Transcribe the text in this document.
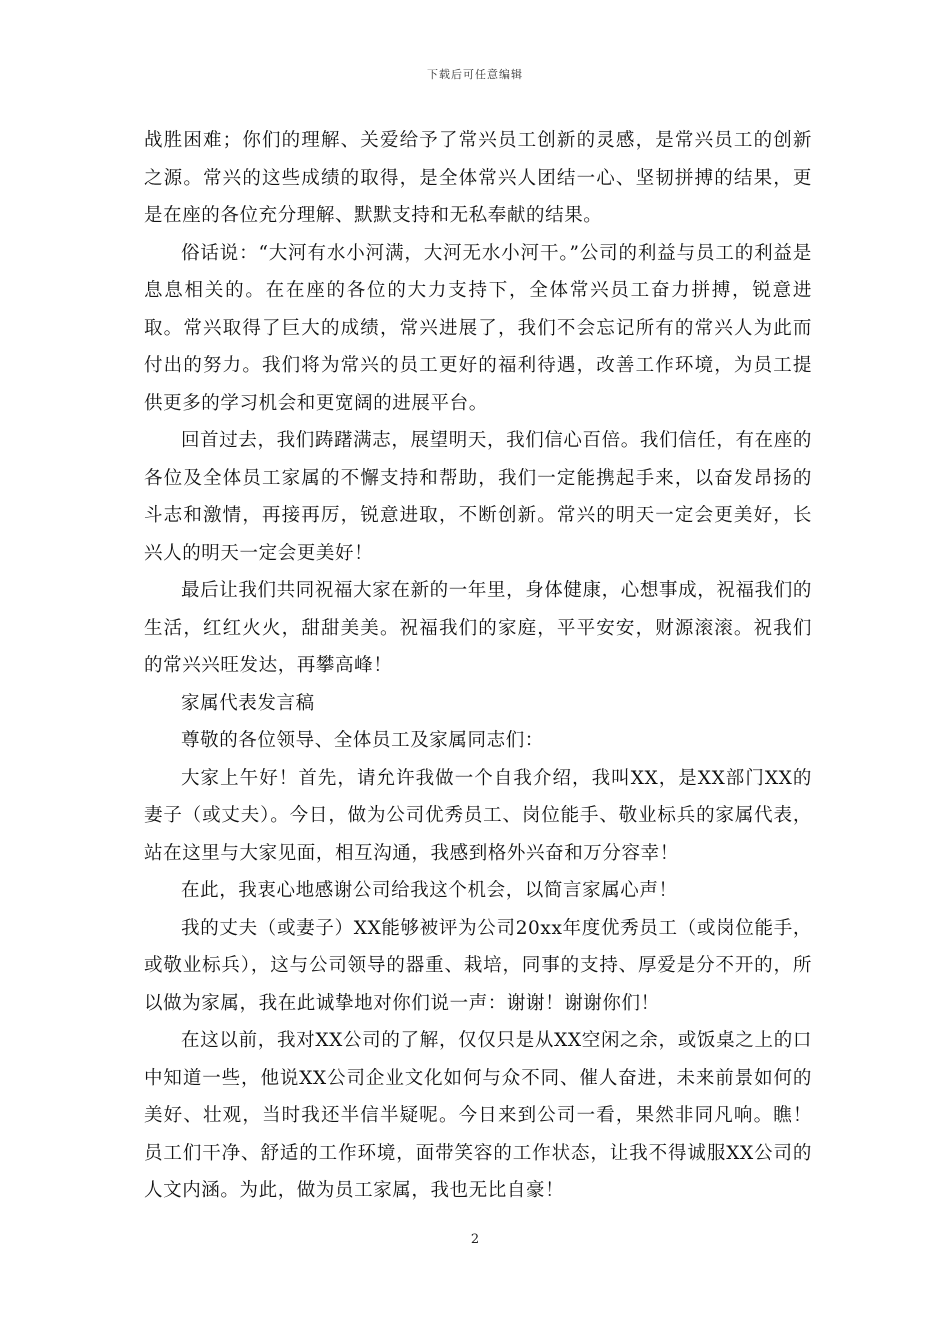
下载后可任意编辑

战胜困难；你们的理解、关爱给予了常兴员工创新的灵感，是常兴员工的创新之源。常兴的这些成绩的取得，是全体常兴人团结一心、坚韧拼搏的结果，更是在座的各位充分理解、默默支持和无私奉献的结果。

俗话说：“大河有水小河满，大河无水小河干。”公司的利益与员工的利益是息息相关的。在在座的各位的大力支持下，全体常兴员工奋力拼搏，锐意进取。常兴取得了巨大的成绩，常兴进展了，我们不会忘记所有的常兴人为此而付出的努力。我们将为常兴的员工更好的福利待遇，改善工作环境，为员工提供更多的学习机会和更宽阔的进展平台。

回首过去，我们踌躇满志，展望明天，我们信心百倍。我们信任，有在座的各位及全体员工家属的不懈支持和帮助，我们一定能携起手来，以奋发昂扬的斗志和激情，再接再厉，锐意进取，不断创新。常兴的明天一定会更美好，长兴人的明天一定会更美好！

最后让我们共同祝福大家在新的一年里，身体健康，心想事成，祝福我们的生活，红红火火，甜甜美美。祝福我们的家庭，平平安安，财源滚滚。祝我们的常兴兴旺发达，再攀高峰！

家属代表发言稿

尊敬的各位领导、全体员工及家属同志们：

大家上午好！首先，请允许我做一个自我介绍，我叫XX，是XX部门XX的妻子（或丈夫）。今日，做为公司优秀员工、岗位能手、敬业标兵的家属代表，站在这里与大家见面，相互沟通，我感到格外兴奋和万分容幸！

在此，我衷心地感谢公司给我这个机会，以简言家属心声！

我的丈夫（或妻子）XX能够被评为公司20xx年度优秀员工（或岗位能手，或敬业标兵），这与公司领导的器重、栽培，同事的支持、厚爱是分不开的，所以做为家属，我在此诚挚地对你们说一声：谢谢！谢谢你们！

在这以前，我对XX公司的了解，仅仅只是从XX空闲之余，或饭桌之上的口中知道一些，他说XX公司企业文化如何与众不同、催人奋进，未来前景如何的美好、壮观，当时我还半信半疑呢。今日来到公司一看，果然非同凡响。瞧！员工们干净、舒适的工作环境，面带笑容的工作状态，让我不得诚服XX公司的人文内涵。为此，做为员工家属，我也无比自豪！

2
